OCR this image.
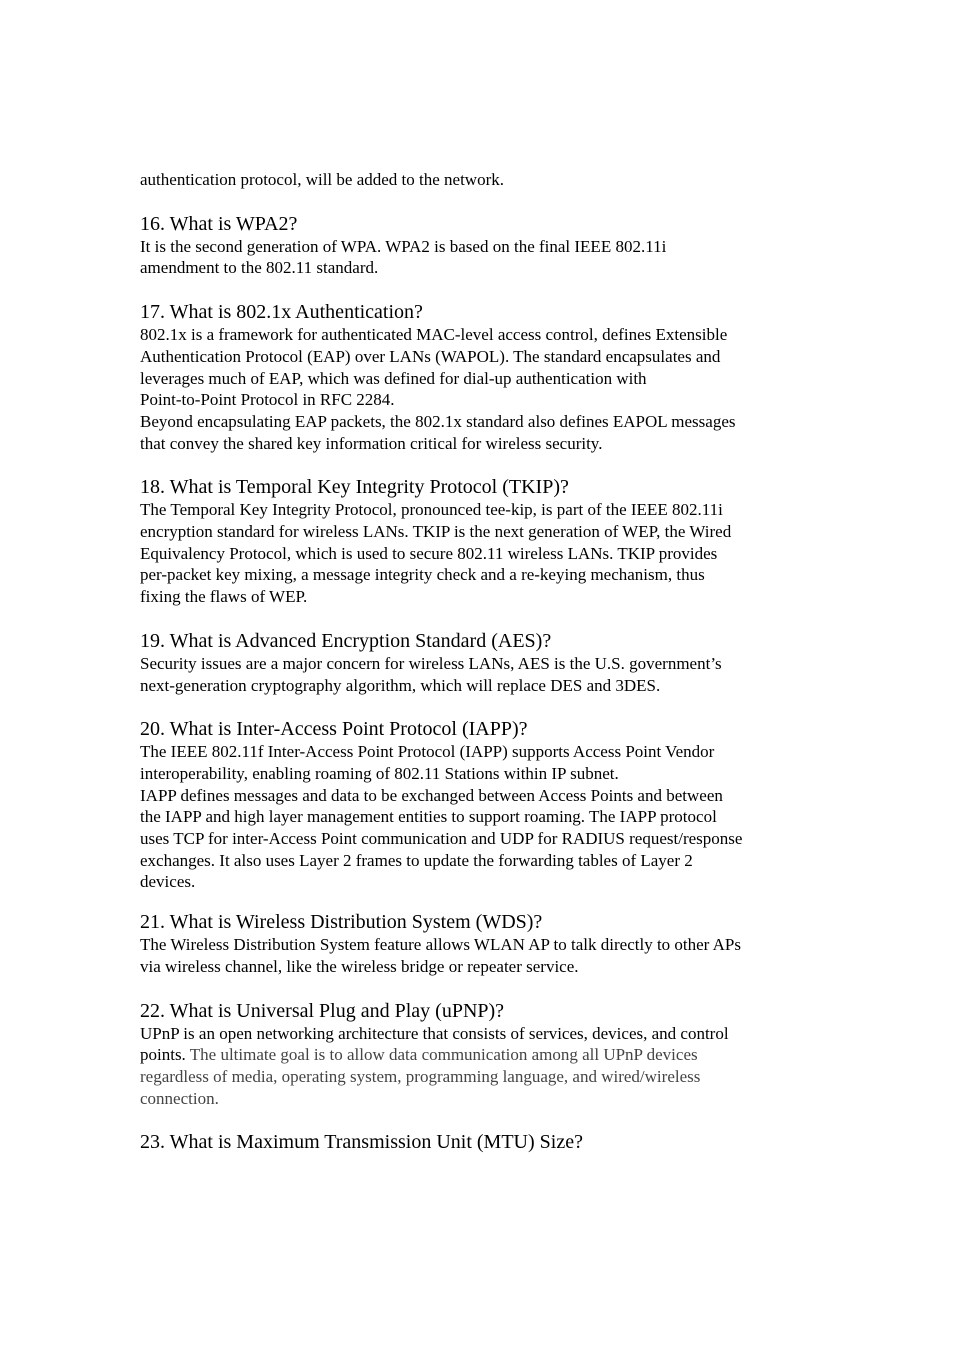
authentication protocol, will be added to the network.
16. What is WPA2?
It is the second generation of WPA. WPA2 is based on the final IEEE 802.11i
amendment to the 802.11 standard.
17. What is 802.1x Authentication?
802.1x is a framework for authenticated MAC-level access control, defines Extensible
Authentication Protocol (EAP) over LANs (WAPOL). The standard encapsulates and
leverages much of EAP, which was defined for dial-up authentication with
Point-to-Point Protocol in RFC 2284.
Beyond encapsulating EAP packets, the 802.1x standard also defines EAPOL messages
that convey the shared key information critical for wireless security.
18. What is Temporal Key Integrity Protocol (TKIP)?
The Temporal Key Integrity Protocol, pronounced tee-kip, is part of the IEEE 802.11i
encryption standard for wireless LANs. TKIP is the next generation of WEP, the Wired
Equivalency Protocol, which is used to secure 802.11 wireless LANs. TKIP provides
per-packet key mixing, a message integrity check and a re-keying mechanism, thus
fixing the flaws of WEP.
19. What is Advanced Encryption Standard (AES)?
Security issues are a major concern for wireless LANs, AES is the U.S. government’s
next-generation cryptography algorithm, which will replace DES and 3DES.
20. What is Inter-Access Point Protocol (IAPP)?
The IEEE 802.11f Inter-Access Point Protocol (IAPP) supports Access Point Vendor
interoperability, enabling roaming of 802.11 Stations within IP subnet.
IAPP defines messages and data to be exchanged between Access Points and between
the IAPP and high layer management entities to support roaming. The IAPP protocol
uses TCP for inter-Access Point communication and UDP for RADIUS request/response
exchanges. It also uses Layer 2 frames to update the forwarding tables of Layer 2
devices.
21. What is Wireless Distribution System (WDS)?
The Wireless Distribution System feature allows WLAN AP to talk directly to other APs
via wireless channel, like the wireless bridge or repeater service.
22. What is Universal Plug and Play (uPNP)?
UPnP is an open networking architecture that consists of services, devices, and control
points. The ultimate goal is to allow data communication among all UPnP devices
regardless of media, operating system, programming language, and wired/wireless
connection.
23. What is Maximum Transmission Unit (MTU) Size?
